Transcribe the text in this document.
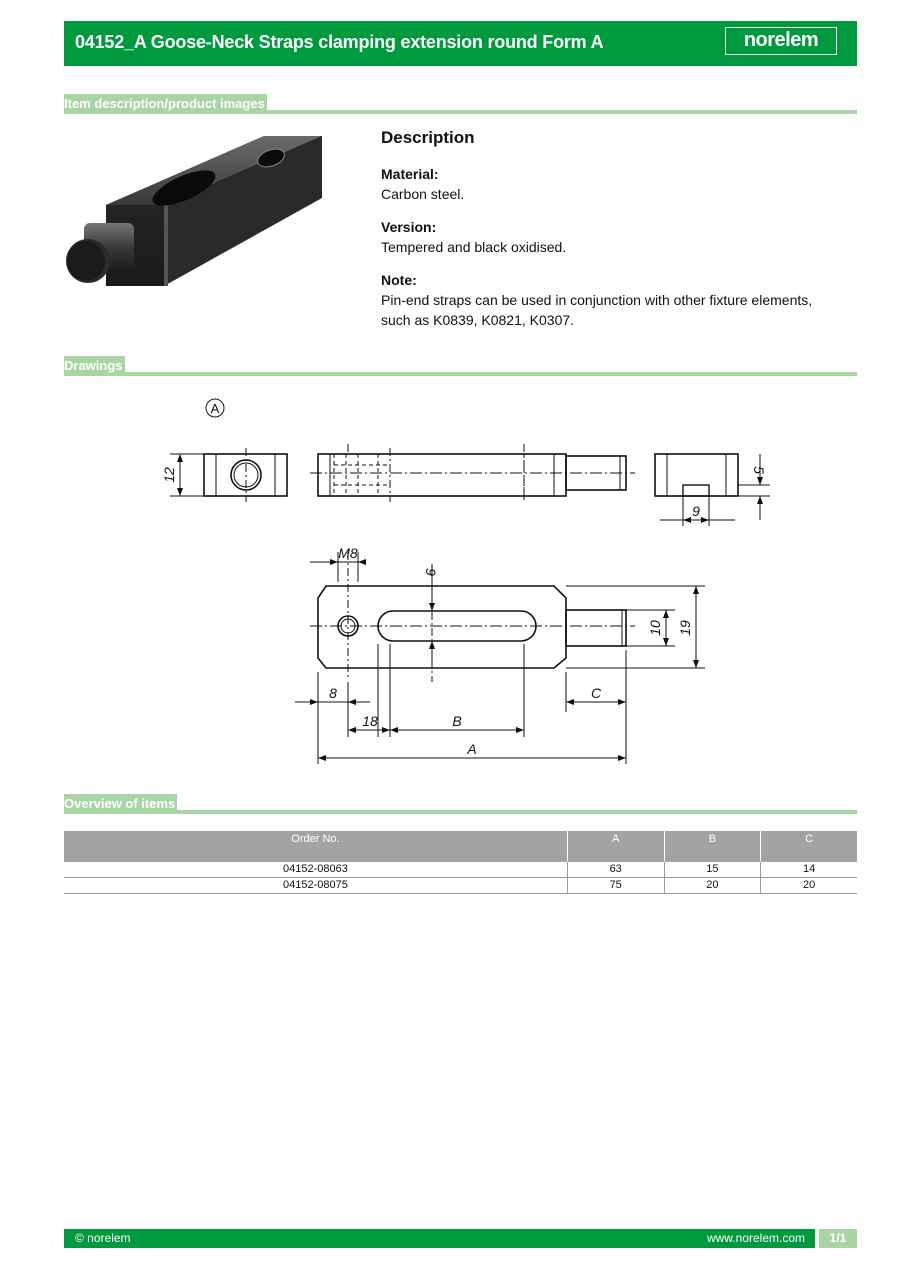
04152_A Goose-Neck Straps clamping extension round Form A	norelem
Item description/product images
Description
Material:
Carbon steel.
Version:
Tempered and black oxidised.
Note:
Pin-end straps can be used in conjunction with other fixture elements, such as K0839, K0821, K0307.
Drawings
A
12	5
9
M8
9
10 19
8	C
18	B
A
Overview of items
Order No.	A	B	C
04152-08063	63	15	14
04152-08075	75	20	20
© norelem	www.norelem.com	1/1
